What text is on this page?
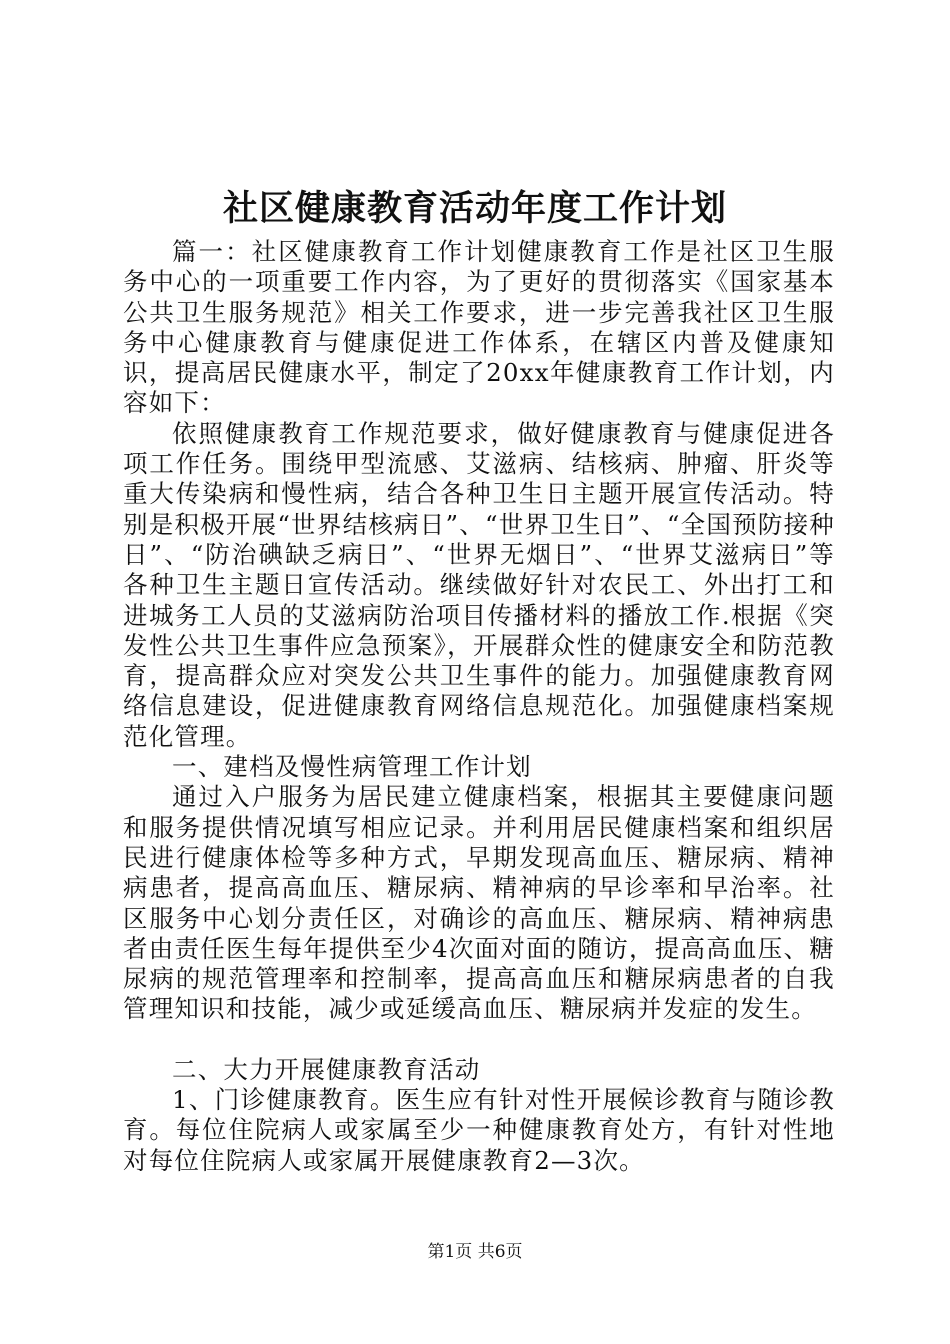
社区健康教育活动年度工作计划

篇一：社区健康教育工作计划健康教育工作是社区卫生服务中心的一项重要工作内容，为了更好的贯彻落实《国家基本公共卫生服务规范》相关工作要求，进一步完善我社区卫生服务中心健康教育与健康促进工作体系，在辖区内普及健康知识，提高居民健康水平，制定了20xx年健康教育工作计划，内容如下：

依照健康教育工作规范要求，做好健康教育与健康促进各项工作任务。围绕甲型流感、艾滋病、结核病、肿瘤、肝炎等重大传染病和慢性病，结合各种卫生日主题开展宣传活动。特别是积极开展“世界结核病日”、“世界卫生日”、“全国预防接种日”、“防治碘缺乏病日”、“世界无烟日”、“世界艾滋病日”等各种卫生主题日宣传活动。继续做好针对农民工、外出打工和进城务工人员的艾滋病防治项目传播材料的播放工作.根据《突发性公共卫生事件应急预案》，开展群众性的健康安全和防范教育，提高群众应对突发公共卫生事件的能力。加强健康教育网络信息建设，促进健康教育网络信息规范化。加强健康档案规范化管理。

一、建档及慢性病管理工作计划

通过入户服务为居民建立健康档案，根据其主要健康问题和服务提供情况填写相应记录。并利用居民健康档案和组织居民进行健康体检等多种方式，早期发现高血压、糖尿病、精神病患者，提高高血压、糖尿病、精神病的早诊率和早治率。社区服务中心划分责任区，对确诊的高血压、糖尿病、精神病患者由责任医生每年提供至少4次面对面的随访，提高高血压、糖尿病的规范管理率和控制率，提高高血压和糖尿病患者的自我管理知识和技能，减少或延缓高血压、糖尿病并发症的发生。

二、大力开展健康教育活动

1、门诊健康教育。医生应有针对性开展候诊教育与随诊教育。每位住院病人或家属至少一种健康教育处方，有针对性地对每位住院病人或家属开展健康教育2—3次。

第1页 共6页
